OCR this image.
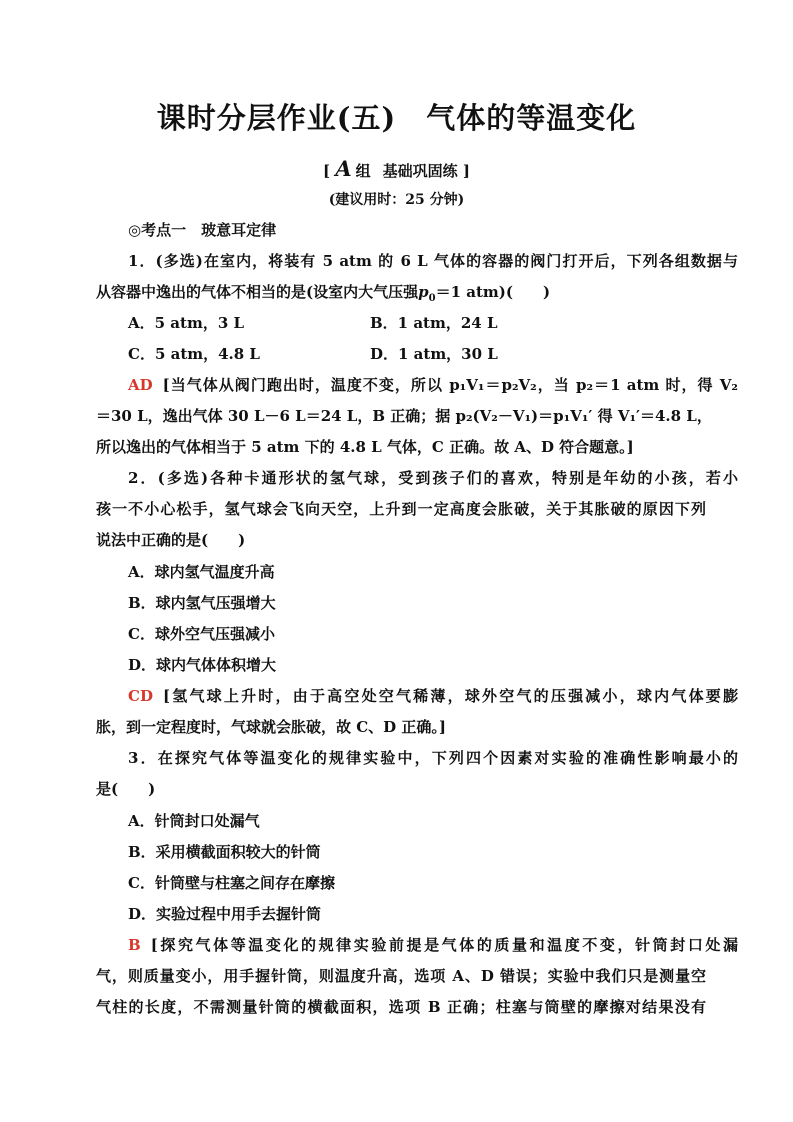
课时分层作业(五) 气体的等温变化
[ A 组 基础巩固练 ]
(建议用时：25 分钟)
◎考点一　玻意耳定律
1．(多选)在室内，将装有 5 atm 的 6 L 气体的容器的阀门打开后，下列各组数据与
从容器中逸出的气体不相当的是(设室内大气压强$p_0=1$ atm)( )
A．5 atm，3 L	B．1 atm，24 L
C．5 atm，4.8 L	D．1 atm，30 L
AD [当气体从阀门跑出时，温度不变，所以 p₁V₁＝p₂V₂，当 p₂＝1 atm 时，得 V₂
＝30 L，逸出气体 30 L－6 L＝24 L，B 正确；据 p₂(V₂－V₁)＝p₁V₁′ 得 V₁′＝4.8 L，
所以逸出的气体相当于 5 atm 下的 4.8 L 气体，C 正确。故 A、D 符合题意。]
2．(多选)各种卡通形状的氢气球，受到孩子们的喜欢，特别是年幼的小孩，若小
孩一不小心松手，氢气球会飞向天空，上升到一定高度会胀破，关于其胀破的原因下列
说法中正确的是( )
A．球内氢气温度升高
B．球内氢气压强增大
C．球外空气压强减小
D．球内气体体积增大
CD [氢气球上升时，由于高空处空气稀薄，球外空气的压强减小，球内气体要膨
胀，到一定程度时，气球就会胀破，故 C、D 正确。]
3．在探究气体等温变化的规律实验中，下列四个因素对实验的准确性影响最小的
是( )
A．针筒封口处漏气
B．采用横截面积较大的针筒
C．针筒壁与柱塞之间存在摩擦
D．实验过程中用手去握针筒
B [探究气体等温变化的规律实验前提是气体的质量和温度不变，针筒封口处漏
气，则质量变小，用手握针筒，则温度升高，选项 A、D 错误；实验中我们只是测量空
气柱的长度，不需测量针筒的横截面积，选项 B 正确；柱塞与筒壁的摩擦对结果没有
